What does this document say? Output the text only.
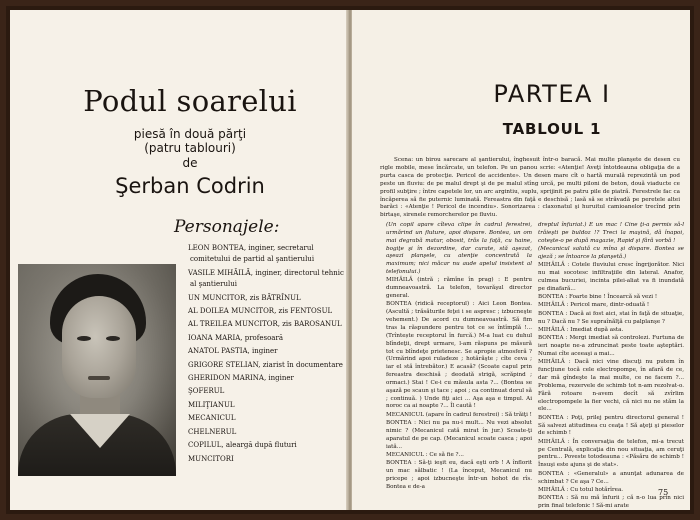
Podul soarelui
piesă în două părţi
(patru tablouri)
de
Şerban Codrin
Personajele:
LEON BONTEA, inginer, secretarul comitetului de partid al şantierului
VASILE MIHĂILĂ, inginer, directorul tehnic al şantierului
UN MUNCITOR, zis BĂTRÎNUL
AL DOILEA MUNCITOR, zis FENTOSUL
AL TREILEA MUNCITOR, zis BAROSANUL
IOANA MARIA, profesoară
ANATOL PASTIA, inginer
GRIGORE STELIAN, ziarist în documentare
GHERIDON MARINA, inginer
ŞOFERUL
MILIŢIANUL
MECANICUL
CHELNERUL
COPILUL, aleargă după fluturi
MUNCITORI
PARTEA I
TABLOUL 1
Scena: un birou sarecare al şantierului, înghesuit într-o baracă. Mai multe planşete de desen cu rigle mobile, mese încărcate, un telefon. Pe un panou scrie: «Atenţie! Aveţi întotdeauna obligaţia de a purta casca de protecţie. Pericol de accidente». Un desen mare cît o hartă murală reprezintă un pod peste un fluviu: de pe malul drept şi de pe malul stîng urcă, pe multi piloni de beton, două viaducte ce profil subţire ; între capetele lor, un arc argintiu, suplu, sprijinit pe patru pile de piatră. Ferestrele fac ca încăperea să fie puternic luminată. Fereastra din faţă e deschisă ; lasă să se străvadă pe peretele altei barăci : «Atenţie ! Pericol de incendiu». Sonorizarea : claxonatul şi huruitul camioanelor trecînd prin birtaşe, sirenele remorcherelor pe fluviu.
(Un copil apare cîteva clipe în cadrul ferestrei, urmărind un fluture, apoi dispare. Bontea, un om mai degrabă matur, obosit, trăs la faţă, cu haine, bogiţe şi în dezordine, dar curate, stă aşezat, aşeazi planşele, cu atenţie concentrată la maximum; nici măcar nu aude apelul insistent al telefonului.)
MIHĂILĂ (intră ; rămîne în prag) : E pentru dumneavoastră. La telefon, tovarăşul director general.
BONTEA (ridică receptorul) : Aici Leon Bontea. (Ascultă ; trăsăturile feţei i se aspresc ; izbucneşte vehement.) De acord cu dumneavoastră. Să fim tras la răspundere pentru tot ce se întîmplă !... (Trîntește receptorul în furcă.) M-a luat cu duhul blîndeţii, drept urmare, l-am răspuns pe măsură tot cu blîndeţe prietenesc. Se apropie atmosferă ? (Urmărind apoi ruladeze ; hotărăşte ; cîte ceva ; iar el stă întrebător.) E acasă? (Scoate capul prin fereastra deschisă ; deodată strigă, scrăpind ; ormaci.) Stai ! Ce-i cu măsula asta ?... (Bontea se aşază pe scaun şi tace ; apoi ; ca continuat dorul să ; continuă. ) Unde fiţi aici ... Aşa aşa e timpul. Ai noroc ca ai noapte ?... Îl caută !
MECANICUL (apare în cadrul ferestrei) : Să trăiţi !
BONTEA : Nici nu pa nu-i mult... Nu vezi absolut nimic ? (Mecanicul cată mirat în jur.) Scoate-ţi aparatul de pe cap. (Mecanicul scoate casca ; apoi iată...
MECANICUL : Ce să fie ?...
BONTEA : Să-ţi ieşit eu, dacă eşti orb ! A înflorit un mac sălbatic ! (La început, Mecanicul nu pricepe ; apoi izbucneşte într-un hohot de rîs. Bontea e de-a
dreptul înfuriat.) E un mac ! Cine ţi-a permis să-l trăieşti pe buldoz !? Treci la maşină, dă înapoi, coteşte-o pe după magazie, Rapid şi fără vorbă !
(Mecanicul salută cu mîna şi dispare. Bontea se ajeză ; se întoarce la planşetă.)
MIHĂILĂ : Cotele fluviului cresc îngrijorător. Nici nu mai socotesc infiltraţiile din lateral. Anafor, culmea bucuriei, incinta pilei-aliat va fi inundată pe dinafară...
BONTEA : Foarte bine ! Încearcă să vezi !
MIHĂILĂ : Pericol mare, dintr-oduată !
BONTEA : Dacă ai fost aici, stai în faţă de situaţie, nu ? Dacă nu ? Se supraînălţă cu palplanşe ?
MIHĂILĂ : Imediat după asta.
BONTEA : Mergi imediat să controlezi. Furtuna de ieri noapte ne-a zdruncinat peste toate aşteptări. Numai cîte aceeaşi a mai...
MIHĂILĂ : Dacă nici vine discuţi nu putem în funcţiune tocă cele electropompe, în afară de ce, dar mă gîndeşte la mai multe, ce ne facem ?... Problema, rezervele de schimb tot n-am rezolvat-o. Fără rotoare n-avem decît să zvîrlim electropompele la fier vechi, că nici nu ne stăm la ele...
BONTEA : Poţi, prilej pentru directorul general ! Să salvezi atitudinea cu ceaţa ! Să aţeţi şi pieselor de schimb !
MIHĂILĂ : În conversaţia de telefon, mi-a trecut pe Centrală, explicaţia din nou situaţia, am ceruţi pentru... Poveste totodeauna : «Păsăru de schimb ! Însuşi este ajuns şi de stat».
BONTEA : «Generalul» a anunţat adunarea de schimbat ? Ce aşa ? Ce...
MIHĂILĂ : Cu totul hotărîrea.
BONTEA : Să nu mă înfurii ; că n-o lua prin nici prin final telefonic ! Să-mi arate
75
